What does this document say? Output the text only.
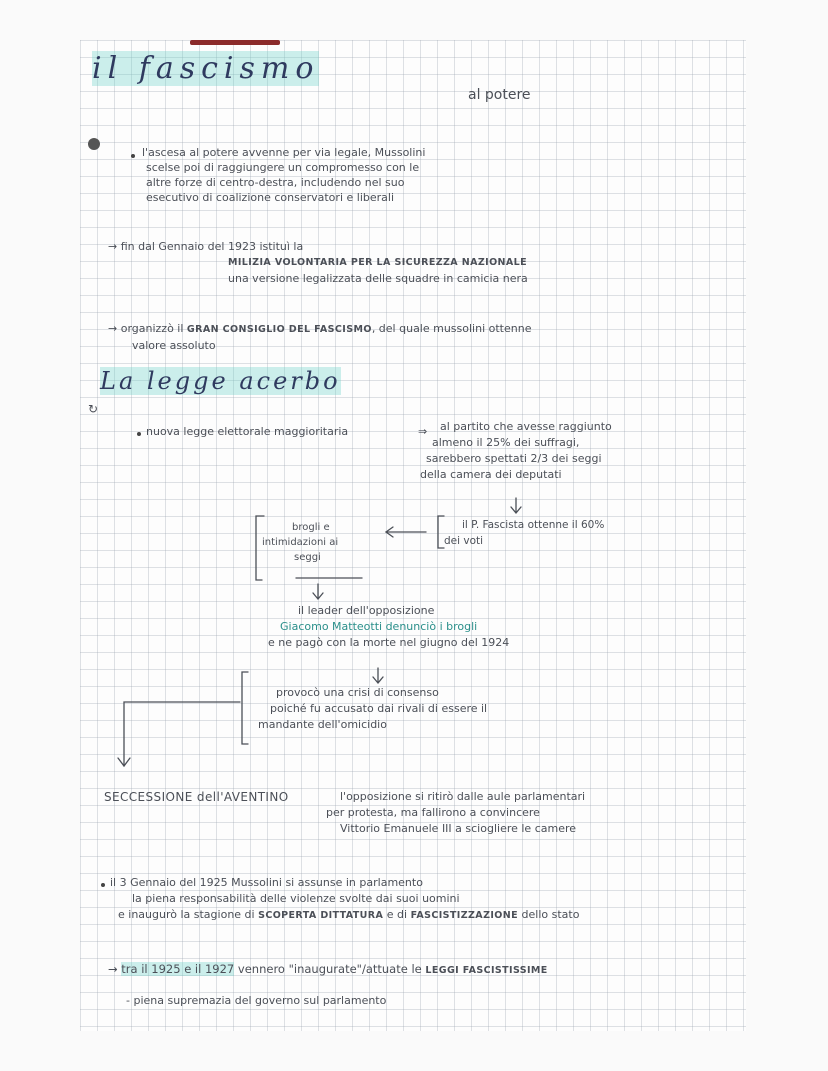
il fascismo
al potere
l'ascesa al potere avvenne per via legale, Mussolini
scelse poi di raggiungere un compromesso con le
altre forze di centro-destra, includendo nel suo
esecutivo di coalizione conservatori e liberali
→ fin dal Gennaio del 1923 istituì la
MILIZIA VOLONTARIA PER LA SICUREZZA NAZIONALE
una versione legalizzata delle squadre in camicia nera
→ organizzò il GRAN CONSIGLIO DEL FASCISMO, del quale mussolini ottenne
valore assoluto
La legge acerbo
↻
nuova legge elettorale maggioritaria	⇒ al partito che avesse raggiunto
almeno il 25% dei suffragi,
sarebbero spettati 2/3 dei seggi
della camera dei deputati
brogli e
intimidazioni ai
seggi
il P. Fascista ottenne il 60%
dei voti
il leader dell'opposizione
Giacomo Matteotti denunciò i brogli
e ne pagò con la morte nel giugno del 1924
provocò una crisi di consenso
poiché fu accusato dai rivali di essere il
mandante dell'omicidio
SECCESSIONE dell'AVENTINO	l'opposizione si ritirò dalle aule parlamentari
per protesta, ma fallirono a convincere
Vittorio Emanuele III a sciogliere le camere
il 3 Gennaio del 1925 Mussolini si assunse in parlamento
la piena responsabilità delle violenze svolte dai suoi uomini
e inaugurò la stagione di SCOPERTA DITTATURA e di FASCISTIZZAZIONE dello stato
→ tra il 1925 e il 1927 vennero "inaugurate"/attuate le LEGGI FASCISTISSIME
- piena supremazia del governo sul parlamento
